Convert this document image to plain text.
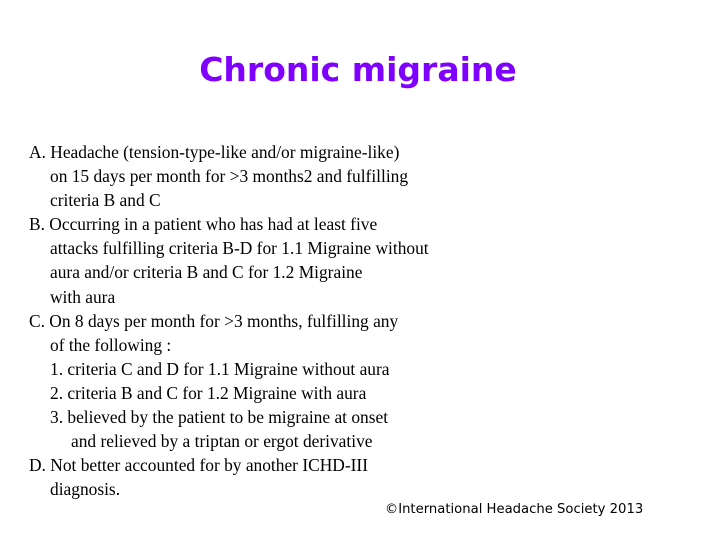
Chronic migraine
A. Headache (tension-type-like and/or migraine-like)
on 15 days per month for >3 months2 and fulfilling
criteria B and C
B. Occurring in a patient who has had at least five
attacks fulfilling criteria B-D for 1.1 Migraine without
aura and/or criteria B and C for 1.2 Migraine
with aura
C. On 8 days per month for >3 months, fulfilling any
of the following :
1. criteria C and D for 1.1 Migraine without aura
2. criteria B and C for 1.2 Migraine with aura
3. believed by the patient to be migraine at onset
and relieved by a triptan or ergot derivative
D. Not better accounted for by another ICHD-III
diagnosis.
©International Headache Society 2013
